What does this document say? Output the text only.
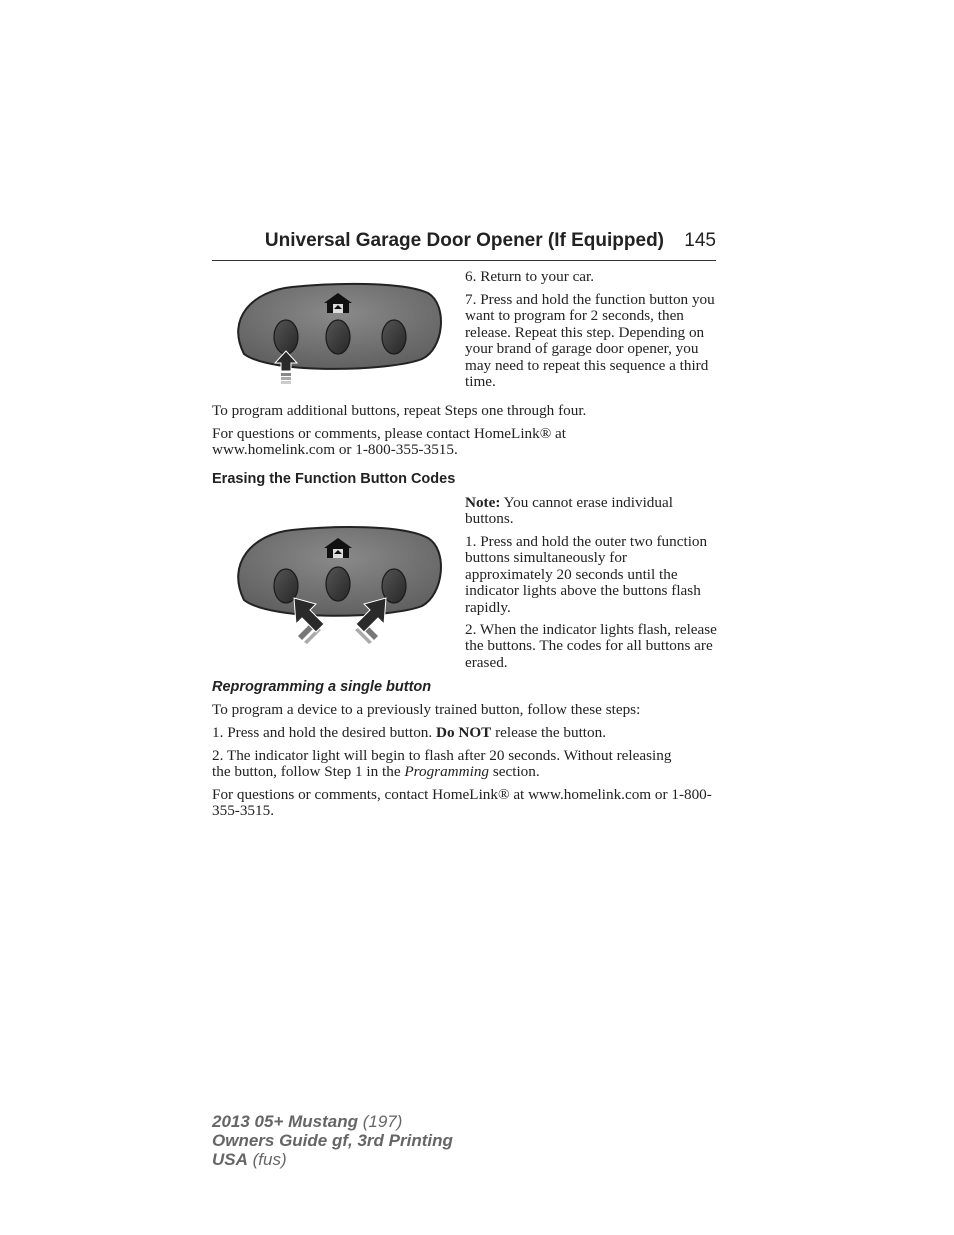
Universal Garage Door Opener (If Equipped) 145

6. Return to your car.

7. Press and hold the function button you want to program for 2 seconds, then release. Repeat this step. Depending on your brand of garage door opener, you may need to repeat this sequence a third time.

To program additional buttons, repeat Steps one through four.

For questions or comments, please contact HomeLink® at www.homelink.com or 1-800-355-3515.

Erasing the Function Button Codes

Note: You cannot erase individual buttons.

1. Press and hold the outer two function buttons simultaneously for approximately 20 seconds until the indicator lights above the buttons flash rapidly.

2. When the indicator lights flash, release the buttons. The codes for all buttons are erased.

Reprogramming a single button

To program a device to a previously trained button, follow these steps:

1. Press and hold the desired button. Do NOT release the button.

2. The indicator light will begin to flash after 20 seconds. Without releasing the button, follow Step 1 in the Programming section.

For questions or comments, contact HomeLink® at www.homelink.com or 1-800-355-3515.

2013 05+ Mustang (197)
Owners Guide gf, 3rd Printing
USA (fus)
